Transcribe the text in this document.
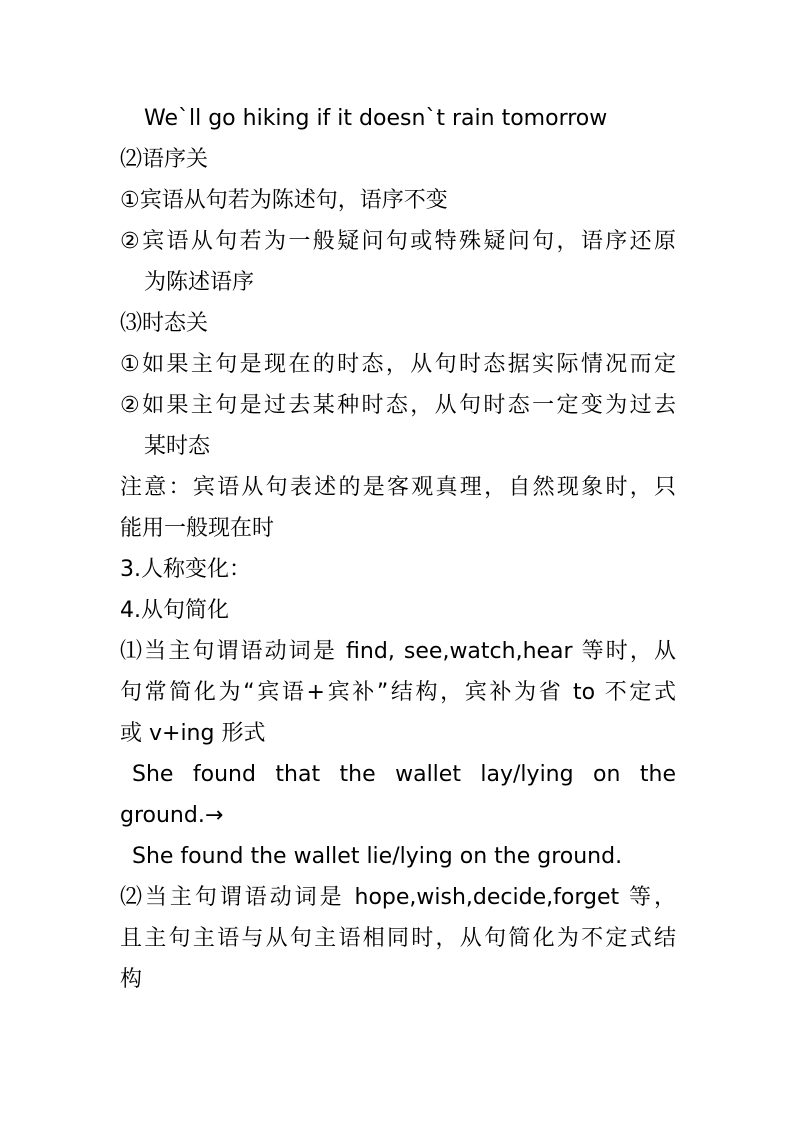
We`ll go hiking if it doesn`t rain tomorrow
⑵语序关
①宾语从句若为陈述句，语序不变
②宾语从句若为一般疑问句或特殊疑问句，语序还原
为陈述语序
⑶时态关
①如果主句是现在的时态，从句时态据实际情况而定
②如果主句是过去某种时态，从句时态一定变为过去
某时态
注意：宾语从句表述的是客观真理，自然现象时，只
能用一般现在时
3.人称变化：
4.从句简化
⑴当主句谓语动词是 find, see,watch,hear 等时，从
句常简化为“宾语+宾补”结构，宾补为省 to 不定式
或 v+ing 形式
She found that the wallet lay/lying on the
ground.→
She found the wallet lie/lying on the ground.
⑵当主句谓语动词是 hope,wish,decide,forget 等，
且主句主语与从句主语相同时，从句简化为不定式结
构
